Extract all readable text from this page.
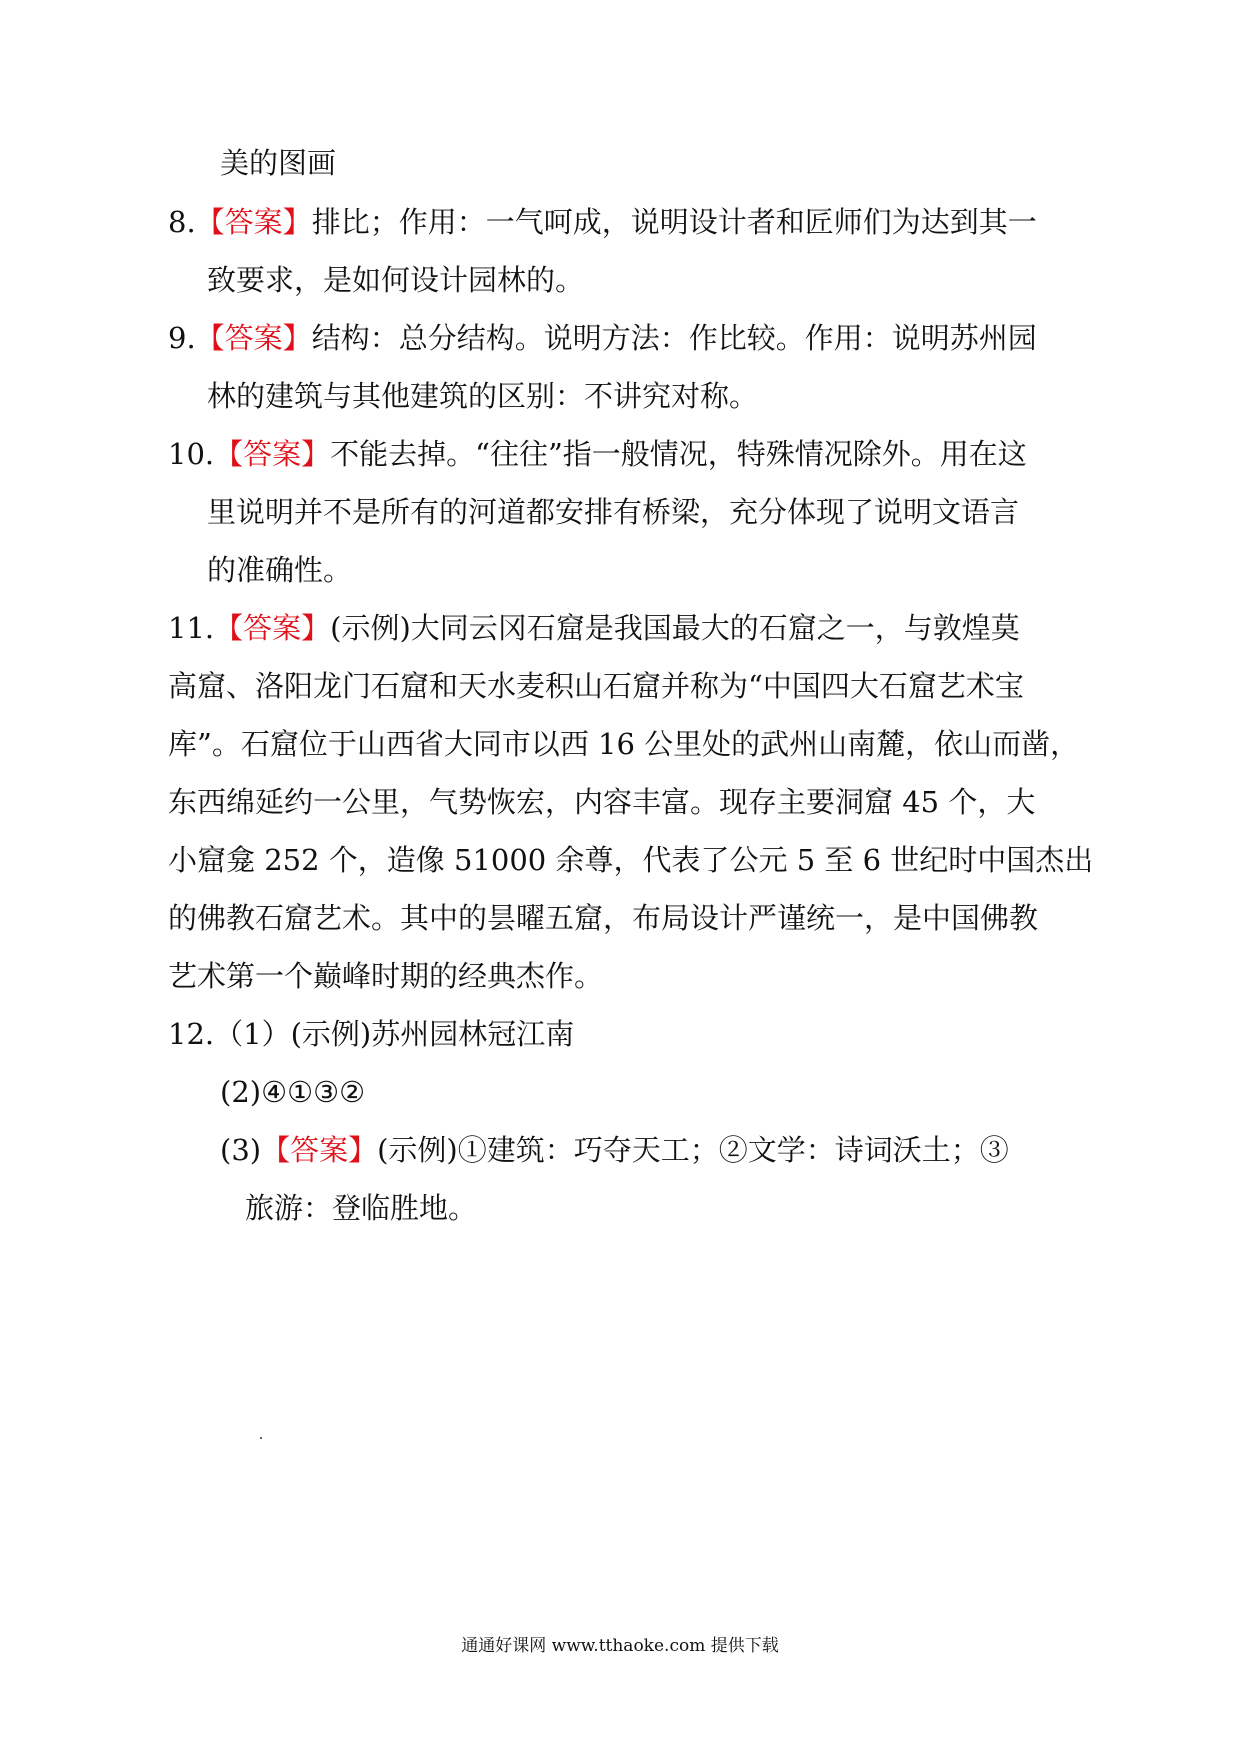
美的图画
8.【答案】排比；作用：一气呵成，说明设计者和匠师们为达到其一
致要求，是如何设计园林的。
9.【答案】结构：总分结构。说明方法：作比较。作用：说明苏州园
林的建筑与其他建筑的区别：不讲究对称。
10.【答案】不能去掉。“往往”指一般情况，特殊情况除外。用在这
里说明并不是所有的河道都安排有桥梁，充分体现了说明文语言
的准确性。
11.【答案】(示例)大同云冈石窟是我国最大的石窟之一，与敦煌莫
高窟、洛阳龙门石窟和天水麦积山石窟并称为“中国四大石窟艺术宝
库”。石窟位于山西省大同市以西 16 公里处的武州山南麓，依山而凿，
东西绵延约一公里，气势恢宏，内容丰富。现存主要洞窟 45 个，大
小窟龛 252 个，造像 51000 余尊，代表了公元 5 至 6 世纪时中国杰出
的佛教石窟艺术。其中的昙曜五窟，布局设计严谨统一，是中国佛教
艺术第一个巅峰时期的经典杰作。
12.（1）(示例)苏州园林冠江南
(2)④①③②
(3)【答案】(示例)①建筑：巧夺天工；②文学：诗词沃土；③
旅游：登临胜地。
通通好课网 www.tthaoke.com 提供下载
